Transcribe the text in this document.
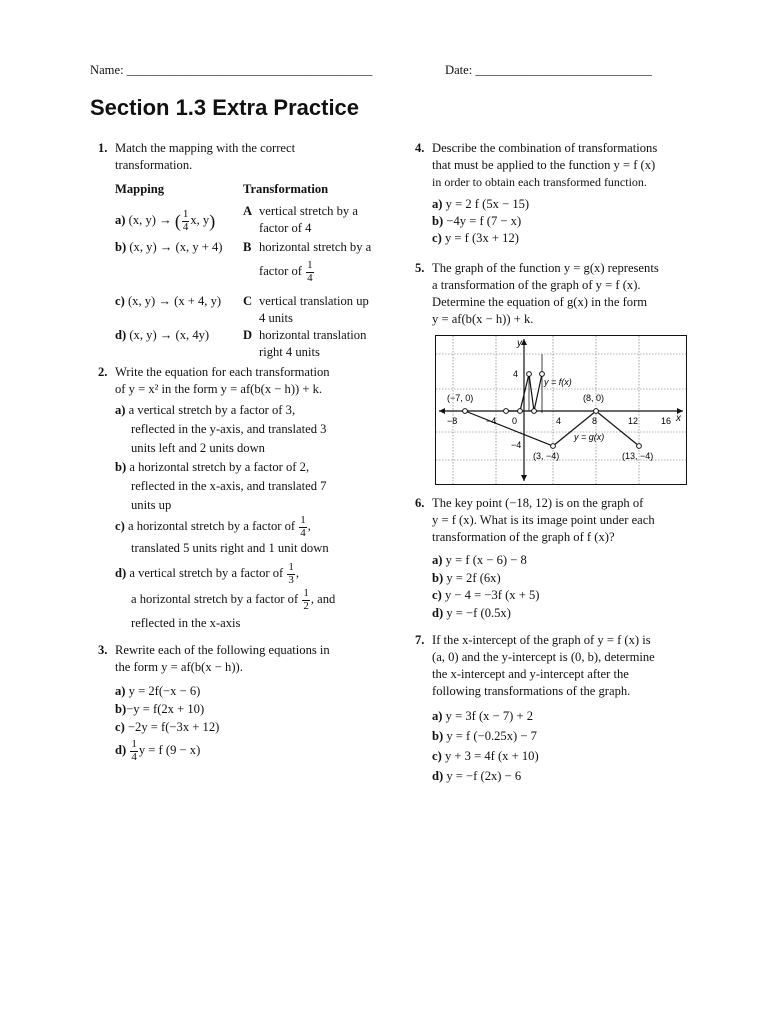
Name: _______________________________________	Date: ____________________________
Section 1.3 Extra Practice
1. Match the mapping with the correct
transformation.
Mapping	Transformation	
a) (x, y) → ( $\frac{1}{4} x$, y)	A	vertical stretch by a
factor of 4

b) (x, y) → (x, y + 4)	B	horizontal stretch by a
factor of $\frac{1}{4}$

c) (x, y) → (x + 4, y)	C	vertical translation up
4 units

d) (x, y) → (x, 4y)	D	horizontal translation
right 4 units
2. Write the equation for each transformation
of y = x² in the form y = af(b(x − h)) + k.
a) a vertical stretch by a factor of 3,
reflected in the y-axis, and translated 3
units left and 2 units down
b) a horizontal stretch by a factor of 2,
reflected in the x-axis, and translated 7
units up
c) a horizontal stretch by a factor of $\frac{1}{4}$ ,
translated 5 units right and 1 unit down
d) a vertical stretch by a factor of $\frac{1}{3}$ ,
a horizontal stretch by a factor of $\frac{1}{2}$ , and
reflected in the x-axis
3. Rewrite each of the following equations in
the form y = af(b(x − h)).
a) y = 2f(−x − 6)
b)−y = f(2x + 10)
c) −2y = f(−3x + 12)
$d) \frac{1}{4}$ y = f (9 − x)
4. Describe the combination of transformations
that must be applied to the function y = f (x)
in order to obtain each transformed function.
a) y = 2 f (5x − 15)
b) −4y = f (7 − x)
c) y = f (3x + 12)
5. The graph of the function y = g(x) represents
a transformation of the graph of y = f (x).
Determine the equation of g(x) in the form
y = af(b(x − h)) + k.
y
x
−8	−4 0	4	8	12	16
4
−4
y = f(x)
y = g(x)
(−7, 0)	(8, 0)
(3, −4)	(13, −4)
6. The key point (−18, 12) is on the graph of
y = f (x). What is its image point under each
transformation of the graph of f (x)?
a) y = f (x − 6) − 8
b) y = 2f (6x)
c) y − 4 = −3f (x + 5)
d) y = −f (0.5x)
7. If the x-intercept of the graph of y = f (x) is
(a, 0) and the y-intercept is (0, b), determine
the x-intercept and y-intercept after the
following transformations of the graph.
a) y = 3f (x − 7) + 2
b) y = f (−0.25x) − 7
c) y + 3 = 4f (x + 10)
d) y = −f (2x) − 6
